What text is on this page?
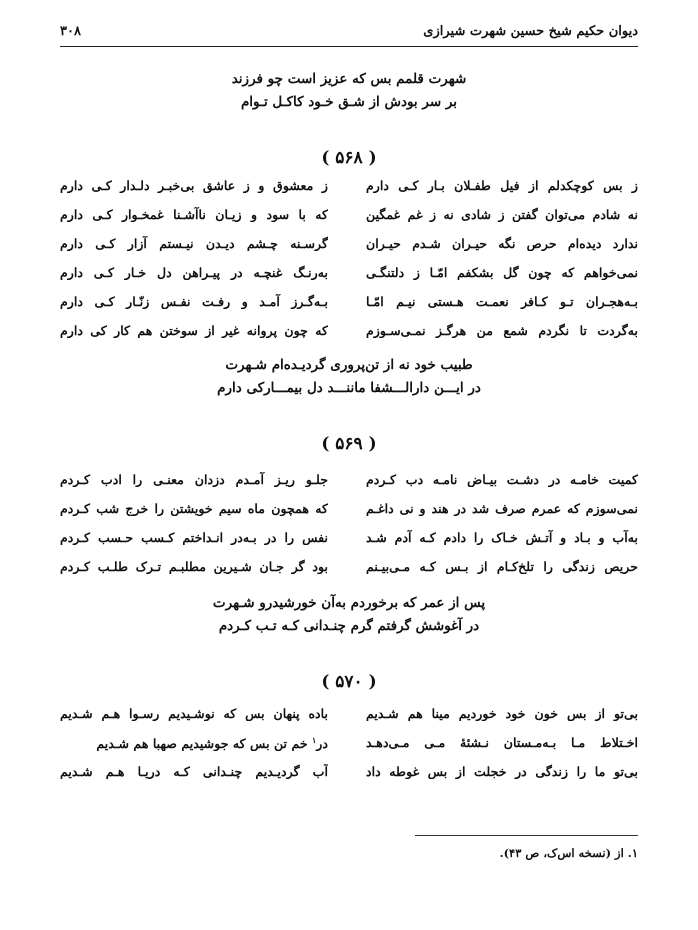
دیوان حکیم شیخ حسین شهرت شیرازی
۳۰۸
شهرت قلمم بس که عزیز است چو فرزند
بر سر بودش از شـق خـود کاکـل تـوام
( ۵۶۸ )
ز بس کوچکدلم از فیل طفـلان بـار کـی دارم
ز معشوق و ز عاشق بی‌خبـر دلـدار کـی دارم
نه شادم می‌توان گفتن ز شادی نه ز غم غمگین
که با سود و زیـان ناآشـنا غمخـوار کـی دارم
ندارد دیده‌ام حرص نگه حیـران شـدم حیـران
گرسـنه چـشم دیـدن نیـستم آزار کـی دارم
نمی‌خواهم که چون گل بشکفم امّـا ز دلتنگـی
به‌رنـگ غنچـه در پیـراهن دل خـار کـی دارم
بـه‌هجـران تـو کـافر نعمـت هـستی نیـم امّـا
بـه‌گـرز آمـد و رفـت نفـس زنّـار کـی دارم
به‌گردت تا نگردم شمع من هرگـز نمـی‌سـوزم
که چون پروانه غیر از سوختن هم کار کی دارم
طبیب خود نه از تن‌پروری گردیـده‌ام شـهرت
در ایـــن دارالـــشفا ماننـــد دل بیمـــارکی دارم
( ۵۶۹ )
کمیت خامـه در دشـت بیـاض نامـه دب کـردم
جلـو ریـز آمـدم دزدان معنـی را ادب کـردم
نمی‌سوزم که عمرم صرف شد در هند و نی داغـم
که همچون ماه سیم خویشتن را خرج شب کـردم
به‌آب و بـاد و آتـش خـاک را دادم کـه آدم شـد
نفس را در بـه‌در انـداختم کـسب حـسب کـردم
حریص زندگی را تلخ‌کـام از بـس کـه مـی‌بیـنم
بود گر جـان شـیرین مطلبـم تـرک طلـب کـردم
پس از عمر که برخوردم به‌آن خورشیدرو شـهرت
در آغوشش گرفتم گرم چنـدانی کـه تـب کـردم
( ۵۷۰ )
بی‌تو از بس خون خود خوردیم مینا هم شـدیم
باده پنهان بس که نوشـیدیم رسـوا هـم شـدیم
اخـتلاط مـا بـه‌مـستان نـشئهٔ مـی مـی‌دهـد
در$^۱$ خم تن بس که جوشیدیم صهبا هم شـدیم
بی‌تو ما را زندگی در خجلت از بس غوطه داد
آب گردیـدیم چنـدانی کـه دریـا هـم شـدیم
۱. از (نسخه اس‌ک، ص ۴۳).
